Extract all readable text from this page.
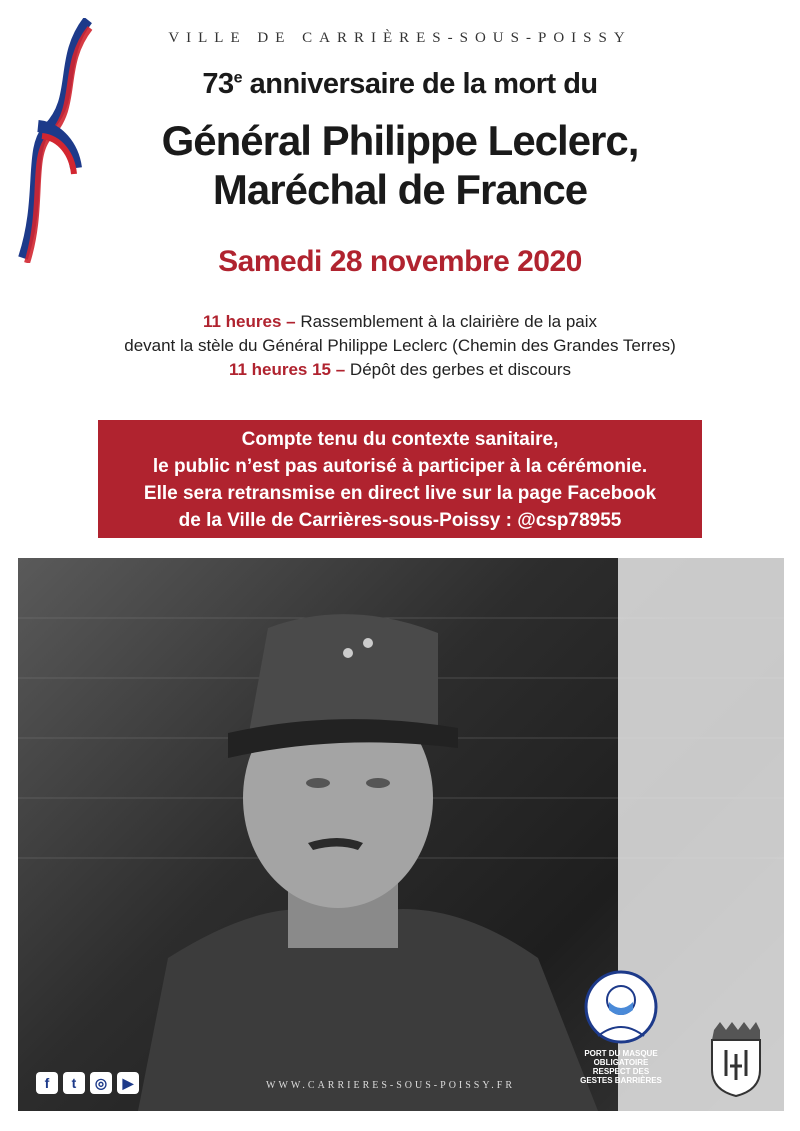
VILLE DE CARRIÈRES-SOUS-POISSY
73e anniversaire de la mort du
Général Philippe Leclerc,
Maréchal de France
Samedi 28 novembre 2020
11 heures – Rassemblement à la clairière de la paix
devant la stèle du Général Philippe Leclerc (Chemin des Grandes Terres)
11 heures 15 – Dépôt des gerbes et discours
Compte tenu du contexte sanitaire,
le public n’est pas autorisé à participer à la cérémonie.
Elle sera retransmise en direct live sur la page Facebook
de la Ville de Carrières-sous-Poissy : @csp78955
PORT DU MASQUE
OBLIGATOIRE
RESPECT DES
GESTES BARRIÈRES
f	t	◎	▶	WWW.CARRIERES-SOUS-POISSY.FR
